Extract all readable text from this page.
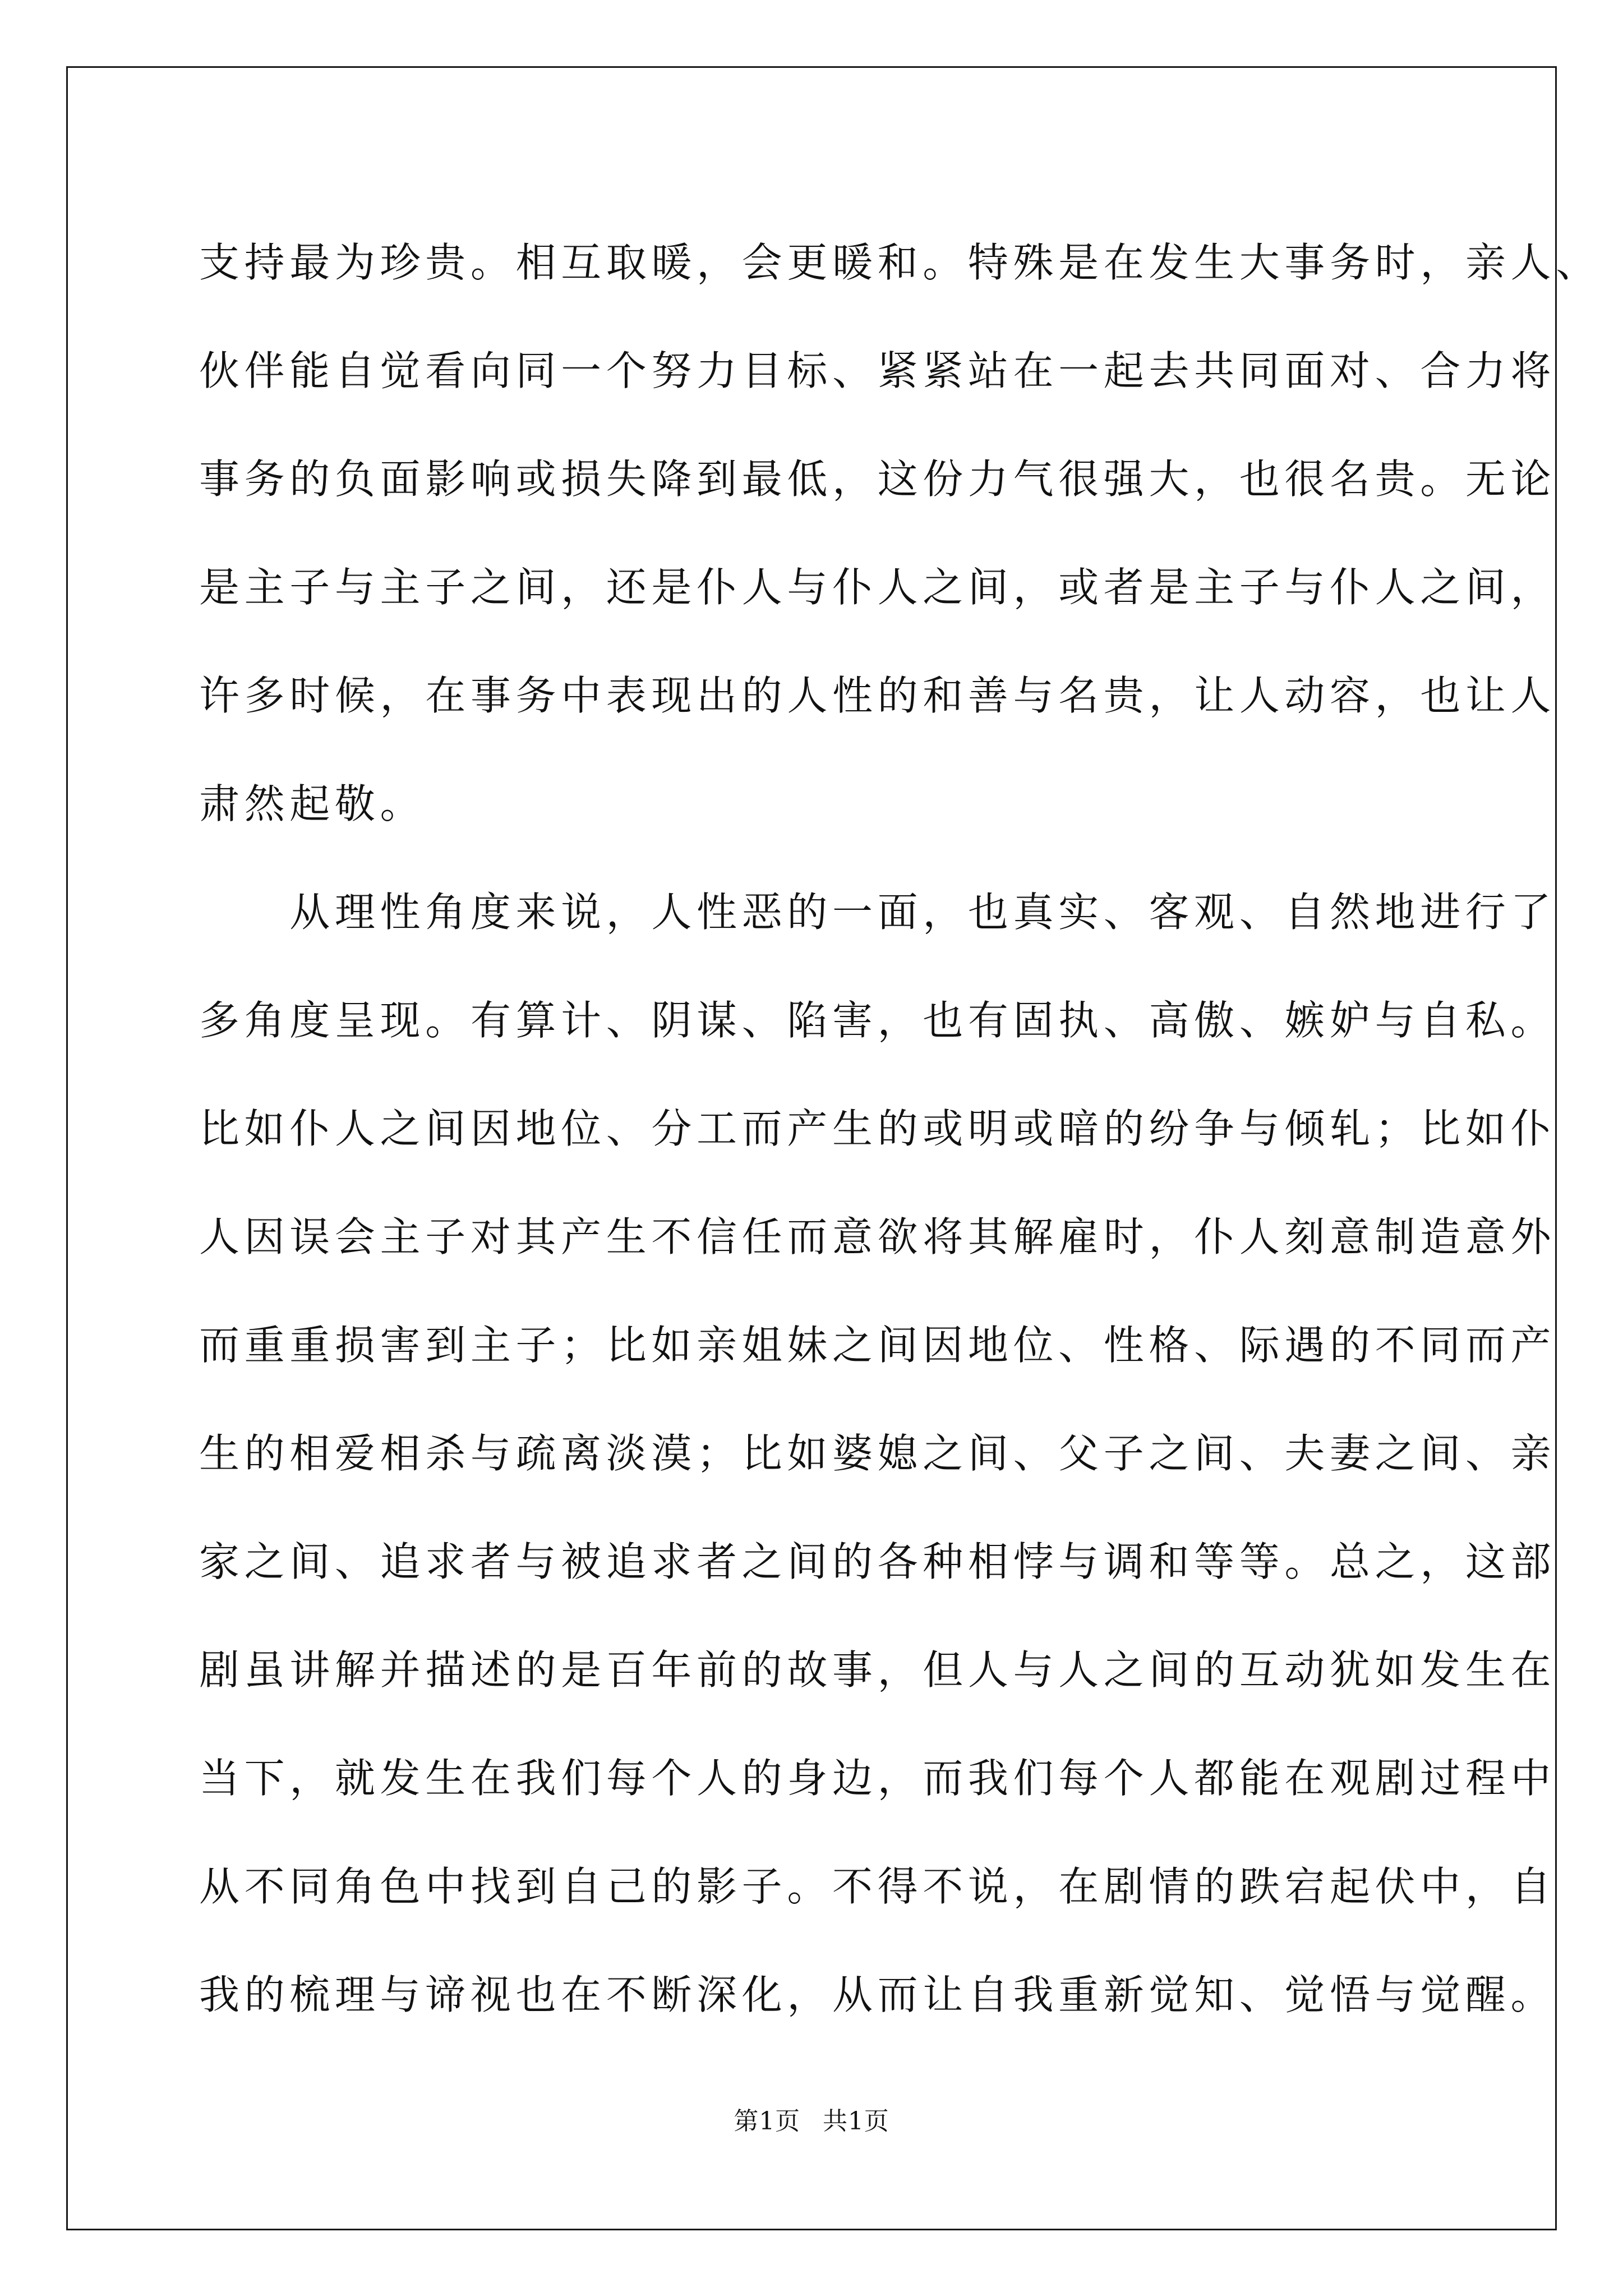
支持最为珍贵。相互取暖，会更暖和。特殊是在发生大事务时，亲人、
伙伴能自觉看向同一个努力目标、紧紧站在一起去共同面对、合力将
事务的负面影响或损失降到最低，这份力气很强大，也很名贵。无论
是主子与主子之间，还是仆人与仆人之间，或者是主子与仆人之间，
许多时候，在事务中表现出的人性的和善与名贵，让人动容，也让人
肃然起敬。
　　从理性角度来说，人性恶的一面，也真实、客观、自然地进行了
多角度呈现。有算计、阴谋、陷害，也有固执、高傲、嫉妒与自私。
比如仆人之间因地位、分工而产生的或明或暗的纷争与倾轧；比如仆
人因误会主子对其产生不信任而意欲将其解雇时，仆人刻意制造意外
而重重损害到主子；比如亲姐妹之间因地位、性格、际遇的不同而产
生的相爱相杀与疏离淡漠；比如婆媳之间、父子之间、夫妻之间、亲
家之间、追求者与被追求者之间的各种相悖与调和等等。总之，这部
剧虽讲解并描述的是百年前的故事，但人与人之间的互动犹如发生在
当下，就发生在我们每个人的身边，而我们每个人都能在观剧过程中
从不同角色中找到自己的影子。不得不说，在剧情的跌宕起伏中，自
我的梳理与谛视也在不断深化，从而让自我重新觉知、觉悟与觉醒。
第1页 共1页
